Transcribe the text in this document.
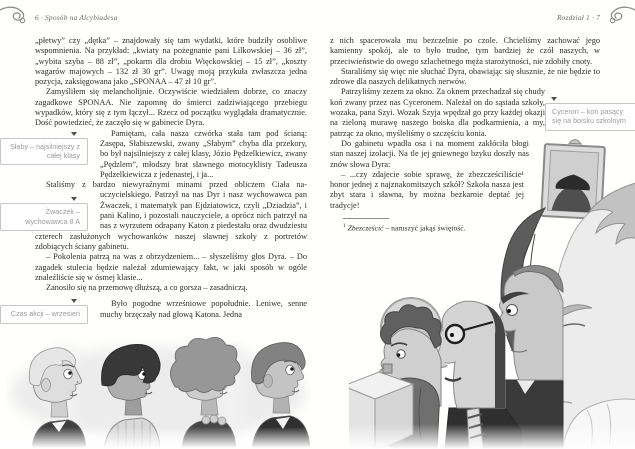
6 · Sposób na Alcybiadesa

„płetwy” czy „dętka” – znajdowały się tam wydatki, które budziły osobliwe wspomnienia. Na przykład: „kwiaty na pożegnanie pani Lilkowskiej – 36 zł”, „wybita szyba – 88 zł”, „pokarm dla drobiu Więckowskiej – 15 zł”, „koszty wagarów majowych – 132 zł 30 gr”. Uwagę moją przykuła zwłaszcza jedna pozycja, zaksięgowana jako „SPONAA – 47 zł 10 gr”.

Zamyśliłem się melancholijnie. Oczywiście wiedziałem dobrze, co znaczy zagadkowe SPONAA. Nie zapomnę do śmierci zadziwiającego przebiegu wypadków, który się z tym łączył... Rzecz od początku wyglądała dramatycznie. Dość powiedzieć, że zaczęło się w gabinecie Dyra.

Słaby – najsilniejszy z całej klasy
Pamiętam, cała nasza czwórka stała tam pod ścianą: Zasępa, Słabiszewski, zwany „Słabym” chyba dla przekory, bo był najsilniejszy z całej klasy, Józio Pędzelkiewicz, zwany „Pędzlem”, młodszy brat sławnego motocyklisty Tadeusza Pędzelkiewicza z jedenastej, i ja...

Staliśmy z bardzo niewyraźnymi minami przed obliczem Ciała na-

Żwaczek – wychowawca 8 A
uczycielskiego. Patrzył na nas Dyr i nasz wychowawca pan Żwaczek, i matematyk pan Ejdziatowicz, czyli „Dziadzia”, i pani Kalino, i pozostali nauczyciele, a oprócz nich patrzył na nas z wyrzutem odrapany Katon z piedestału oraz dwudziestu czterech zasłużonych wychowanków naszej sławnej szkoły z portretów zdobiących ściany gabinetu.

– Pokolenia patrzą na was z obrzydzeniem... – słyszeliśmy głos Dyra. – Do zagadek stulecia będzie należał zdumiewający fakt, w jaki sposób w ogóle znaleźliście się w ósmej klasie...

Zanosiło się na przemowę dłuższą, a co gorsza – zasadniczą.

Czas akcji – wrzesień
Było pogodne wrześniowe popołudnie. Leniwe, senne muchy brzęczały nad głową Katona. Jedna

Rozdział 1 · 7

z nich spacerowała mu bezczelnie po czole. Chcieliśmy zachować jego kamienny spokój, ale to było trudne, tym bardziej że czół naszych, w przeciwieństwie do owego szlachetnego męża starożytności, nie zdobiły cnoty.

Staraliśmy się więc nie słuchać Dyra, obawiając się słusznie, że nie będzie to zdrowe dla naszych delikatnych nerwów.

Patrzyliśmy zezem za okno. Za oknem przechadzał się chudy koń zwany przez nas Cyceronem. Należał on do sąsiada szkoły, wozaka, pana Szyi. Wozak Szyja wpędzał go przy każdej okazji na zieloną murawę naszego boiska dla podkarmienia, a my, patrząc za okno, myśleliśmy o szczęściu konia.

Do gabinetu wpadła osa i na moment zakłóciła błogi stan naszej izolacji. Na tle jej gniewnego bzyku doszły nas znów słowa Dyra:

– ...czy zdajecie sobie sprawę, że zbezcześciliście¹ honor jednej z najznakomitszych szkół? Szkoła nasza jest zbyt stara i sławna, by można bezkarnie deptać jej tradycje!

$^1$ Zbezcześcić – naruszyć jakąś świętość.

Cyceron – koń pasący się na boisku szkolnym
